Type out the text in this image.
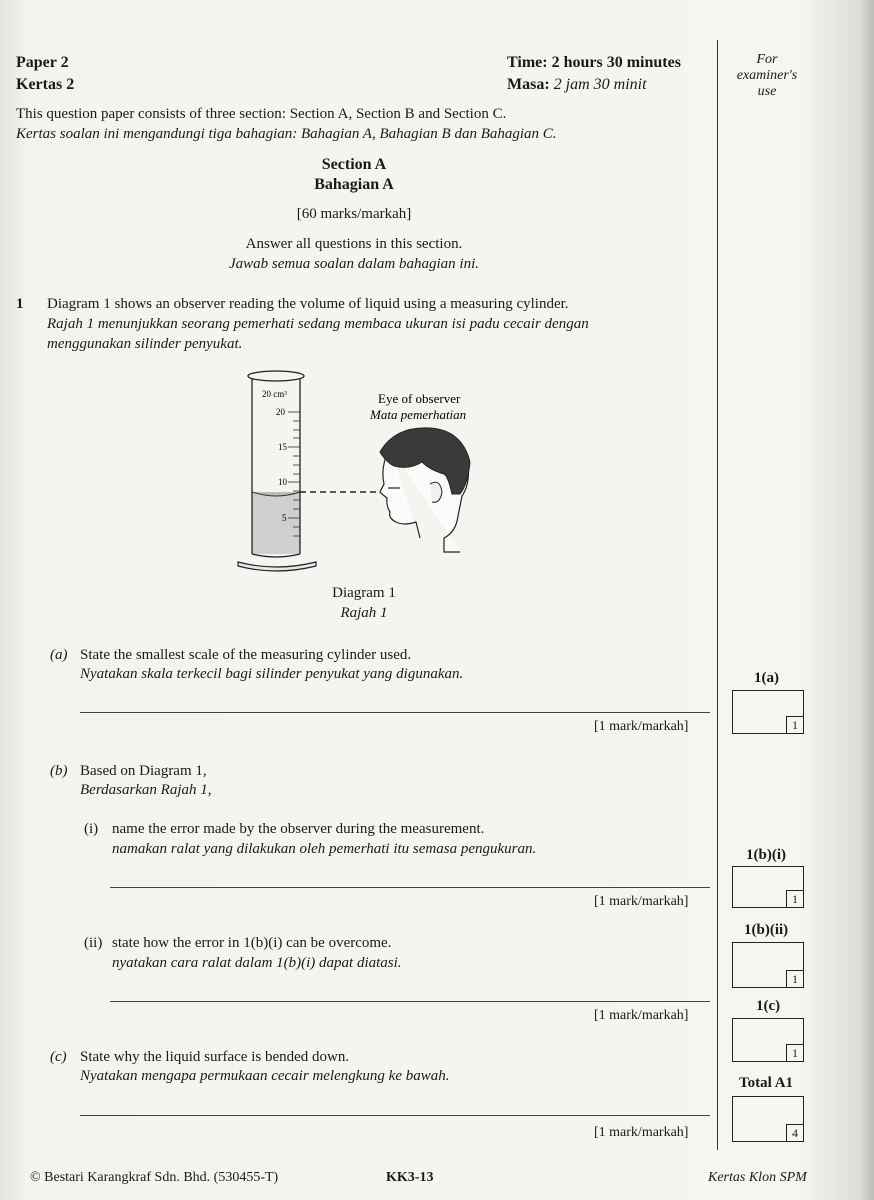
Paper 2
Kertas 2
Time: 2 hours 30 minutes
Masa: 2 jam 30 minit
This question paper consists of three section: Section A, Section B and Section C.
Kertas soalan ini mengandungi tiga bahagian: Bahagian A, Bahagian B dan Bahagian C.
For
examiner's
use
Section A
Bahagian A
[60 marks/markah]
Answer all questions in this section.
Jawab semua soalan dalam bahagian ini.
1 Diagram 1 shows an observer reading the volume of liquid using a measuring cylinder.
Rajah 1 menunjukkan seorang pemerhati sedang membaca ukuran isi padu cecair dengan
menggunakan silinder penyukat.
20 cm³
20
15
10
5
Eye of observer
Mata pemerhatian
Diagram 1
Rajah 1
(a) State the smallest scale of the measuring cylinder used.
Nyatakan skala terkecil bagi silinder penyukat yang digunakan.
[1 mark/markah]
(b) Based on Diagram 1,
Berdasarkan Rajah 1,
(i) name the error made by the observer during the measurement.
namakan ralat yang dilakukan oleh pemerhati itu semasa pengukuran.
[1 mark/markah]
(ii) state how the error in 1(b)(i) can be overcome.
nyatakan cara ralat dalam 1(b)(i) dapat diatasi.
[1 mark/markah]
(c) State why the liquid surface is bended down.
Nyatakan mengapa permukaan cecair melengkung ke bawah.
[1 mark/markah]
1(a)
1
1(b)(i)
1
1(b)(ii)
1
1(c)
1
Total A1
4
© Bestari Karangkraf Sdn. Bhd. (530455-T)	KK3-13	Kertas Klon SPM
